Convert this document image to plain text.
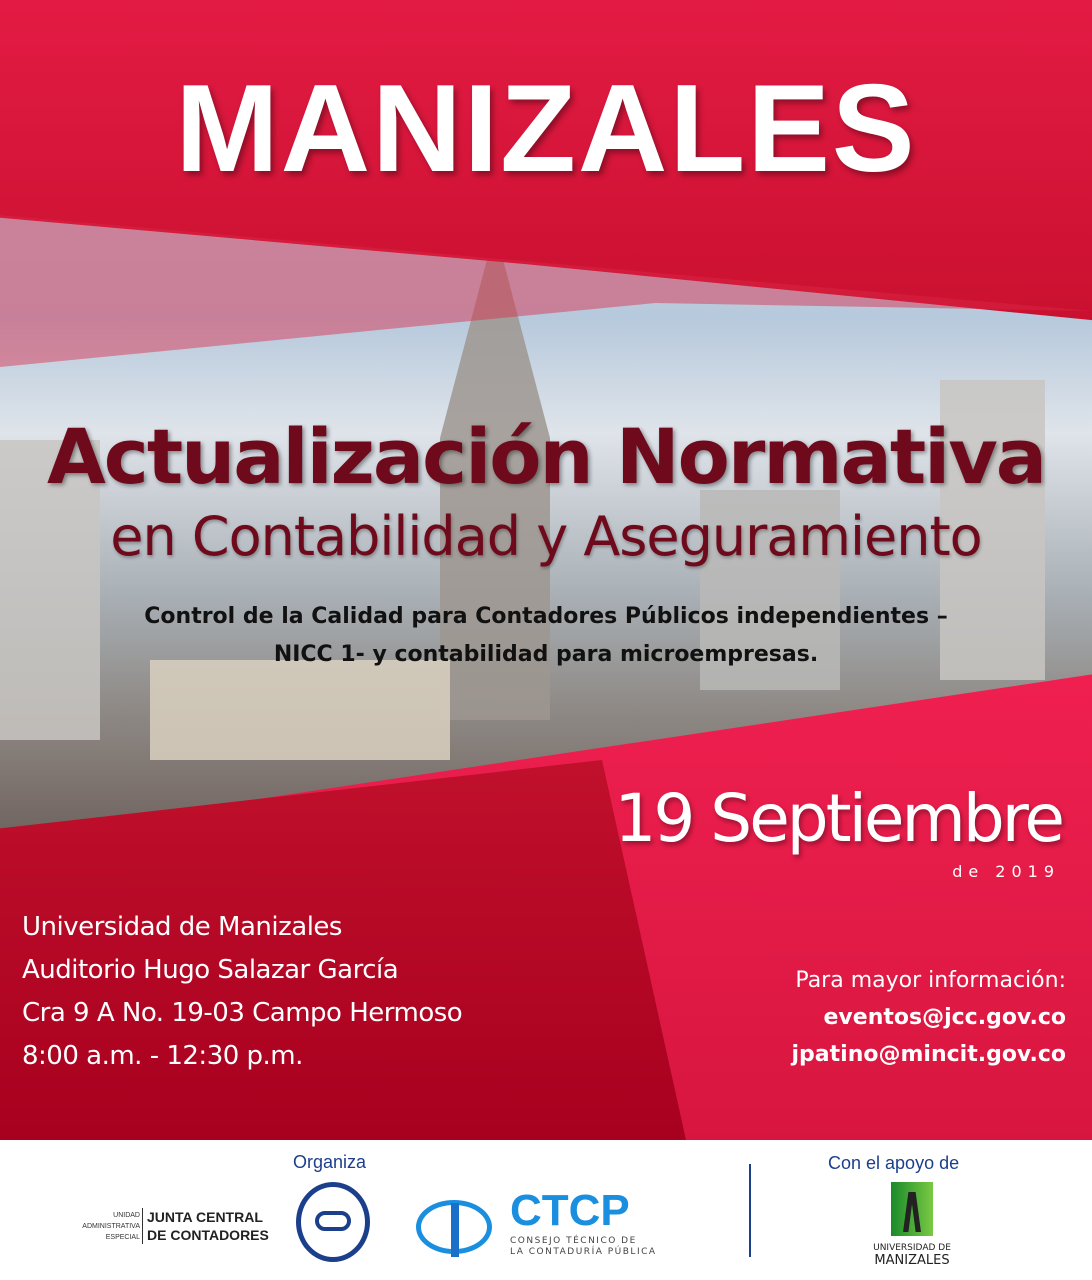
MANIZALES
Actualización Normativa
en Contabilidad y Aseguramiento
Control de la Calidad para Contadores Públicos independientes –
NICC 1- y contabilidad para microempresas.
19 Septiembre
de 2019
Universidad de Manizales
Auditorio Hugo Salazar García
Cra 9 A No. 19-03 Campo Hermoso
8:00 a.m. - 12:30 p.m.
Para mayor información:
eventos@jcc.gov.co
jpatino@mincit.gov.co
Organiza
UNIDAD
ADMINISTRATIVA
ESPECIAL
JUNTA CENTRAL
DE CONTADORES	CTCP
CONSEJO TÉCNICO DE
LA CONTADURÍA PÚBLICA
Con el apoyo de
UNIVERSIDAD DE
MANIZALES
